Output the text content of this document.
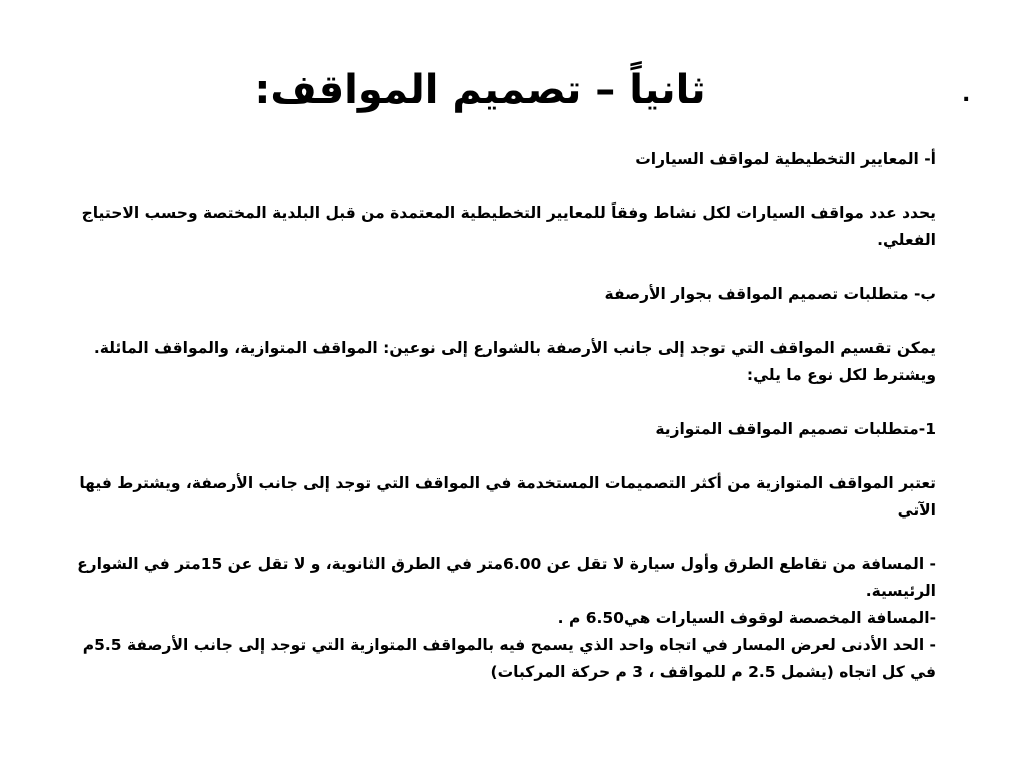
.
ثانياً – تصميم المواقف:

أ- المعايير التخطيطية لمواقف السيارات

يحدد عدد مواقف السيارات لكل نشاط وفقاً للمعايير التخطيطية المعتمدة من قبل البلدية المختصة وحسب الاحتياج الفعلي.

ب- متطلبات تصميم المواقف بجوار الأرصفة

يمكن تقسيم المواقف التي توجد إلى جانب الأرصفة بالشوارع إلى نوعين: المواقف المتوازية، والمواقف المائلة.

ويشترط لكل نوع ما يلي:

1-متطلبات تصميم المواقف المتوازية

تعتبر المواقف المتوازية من أكثر التصميمات المستخدمة في المواقف التي توجد إلى جانب الأرصفة، ويشترط فيها الآتي

- المسافة من تقاطع الطرق وأول سيارة لا تقل عن 6.00متر في الطرق الثانوية، و لا تقل عن 15متر في الشوارع الرئيسية.

-المسافة المخصصة لوقوف السيارات هي6.50 م .

- الحد الأدنى لعرض المسار في اتجاه واحد الذي يسمح فيه بالمواقف المتوازية التي توجد إلى جانب الأرصفة 5.5م في كل اتجاه (يشمل 2.5 م للمواقف ، 3 م حركة المركبات)
